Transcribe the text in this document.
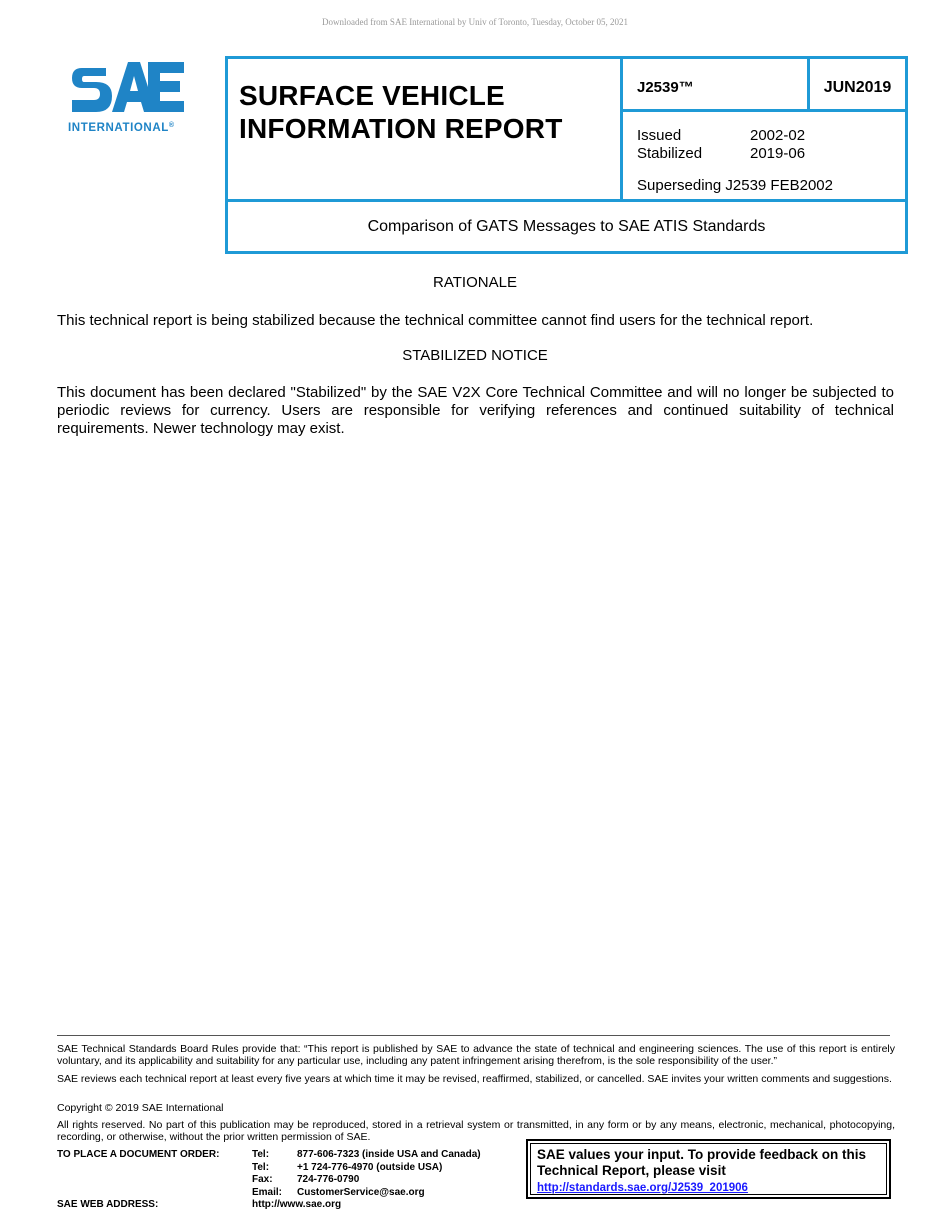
Downloaded from SAE International by Univ of Toronto, Tuesday, October 05, 2021
INTERNATIONAL®
SURFACE VEHICLE
INFORMATION REPORT
J2539™	JUN2019
Issued	2002-02
Stabilized	2019-06
Superseding J2539 FEB2002
Comparison of GATS Messages to SAE ATIS Standards
RATIONALE
This technical report is being stabilized because the technical committee cannot find users for the technical report.
STABILIZED NOTICE
This document has been declared "Stabilized" by the SAE V2X Core Technical Committee and will no longer be subjected to periodic reviews for currency. Users are responsible for verifying references and continued suitability of technical requirements. Newer technology may exist.
SAE Technical Standards Board Rules provide that: “This report is published by SAE to advance the state of technical and engineering sciences. The use of this report is entirely voluntary, and its applicability and suitability for any particular use, including any patent infringement arising therefrom, is the sole responsibility of the user.”
SAE reviews each technical report at least every five years at which time it may be revised, reaffirmed, stabilized, or cancelled. SAE invites your written comments and suggestions.
Copyright © 2019 SAE International
All rights reserved. No part of this publication may be reproduced, stored in a retrieval system or transmitted, in any form or by any means, electronic, mechanical, photocopying, recording, or otherwise, without the prior written permission of SAE.
TO PLACE A DOCUMENT ORDER:	Tel:	877-606-7323 (inside USA and Canada)
Tel:	+1 724-776-4970 (outside USA)
Fax:	724-776-0790
Email:	CustomerService@sae.org
SAE WEB ADDRESS:	http://www.sae.org
SAE values your input. To provide feedback on this
Technical Report, please visit
http://standards.sae.org/J2539_201906
